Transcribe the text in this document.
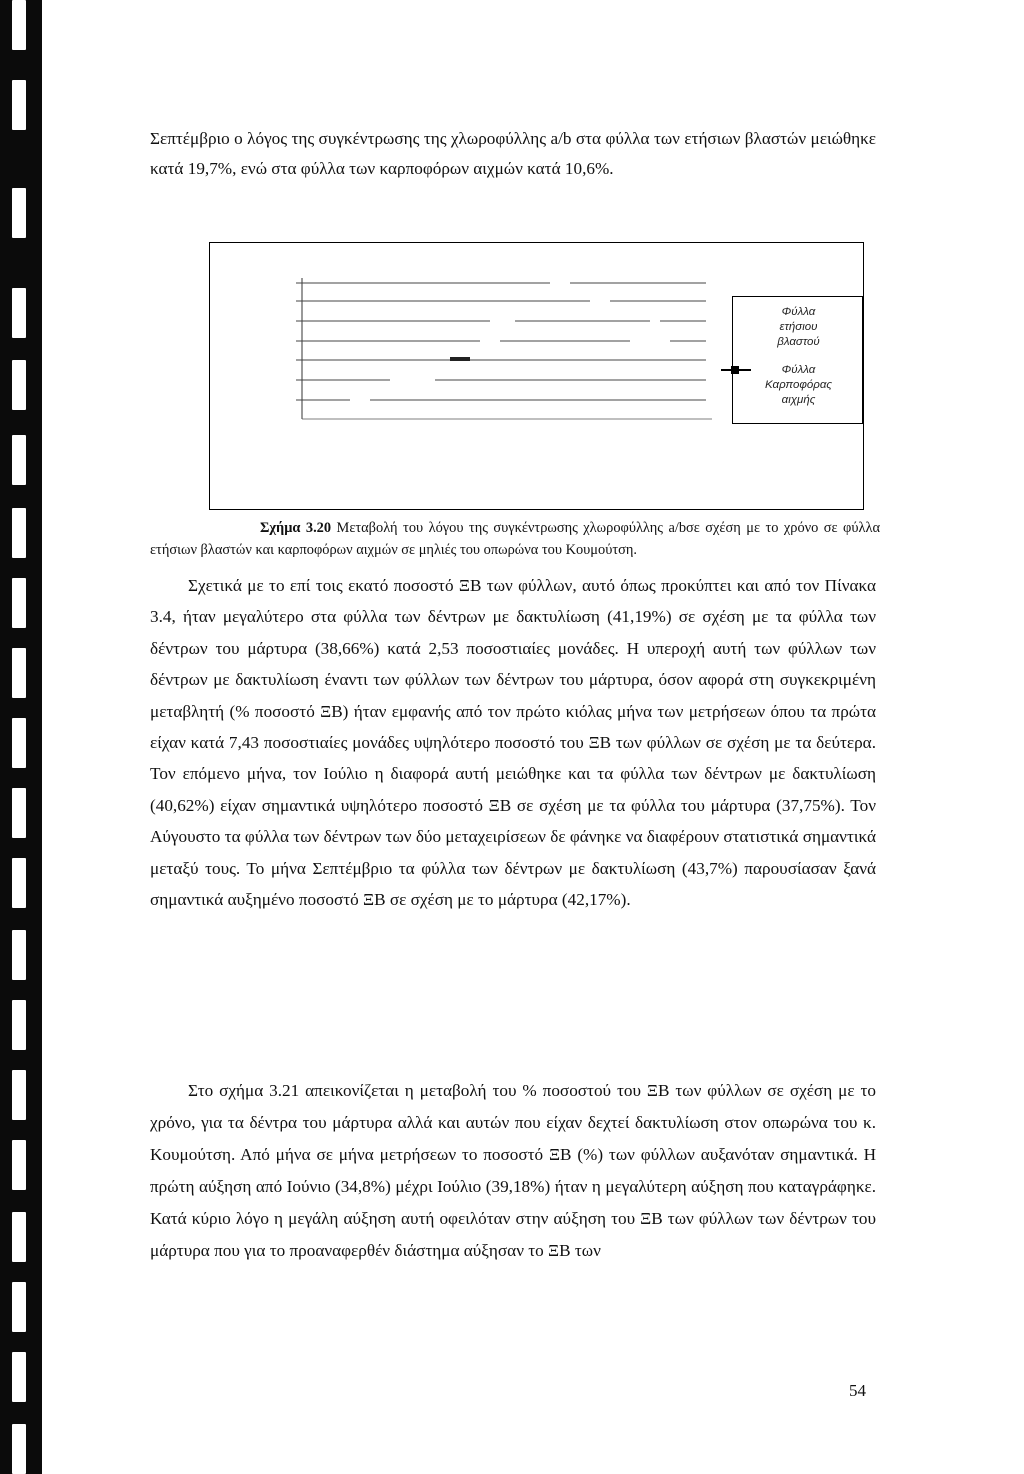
Σεπτέμβριο ο λόγος της συγκέντρωσης της χλωροφύλλης a/b στα φύλλα των ετήσιων βλαστών μειώθηκε κατά 19,7%, ενώ στα φύλλα των καρποφόρων αιχμών κατά 10,6%.

Φύλλα
ετήσιου
βλαστού
Φύλλα
Καρποφόρας
αιχμής

Σχήμα 3.20 Μεταβολή του λόγου της συγκέντρωσης χλωροφύλλης a/bσε σχέση με το χρόνο σε φύλλα ετήσιων βλαστών και καρποφόρων αιχμών σε μηλιές του οπωρώνα του Κουμούτση.

Σχετικά με το επί τοις εκατό ποσοστό ΞΒ των φύλλων, αυτό όπως προκύπτει και από τον Πίνακα 3.4, ήταν μεγαλύτερο στα φύλλα των δέντρων με δακτυλίωση (41,19%) σε σχέση με τα φύλλα των δέντρων του μάρτυρα (38,66%) κατά 2,53 ποσοστιαίες μονάδες. Η υπεροχή αυτή των φύλλων των δέντρων με δακτυλίωση έναντι των φύλλων των δέντρων του μάρτυρα, όσον αφορά στη συγκεκριμένη μεταβλητή (% ποσοστό ΞΒ) ήταν εμφανής από τον πρώτο κιόλας μήνα των μετρήσεων όπου τα πρώτα είχαν κατά 7,43 ποσοστιαίες μονάδες υψηλότερο ποσοστό του ΞΒ των φύλλων σε σχέση με τα δεύτερα. Τον επόμενο μήνα, τον Ιούλιο η διαφορά αυτή μειώθηκε και τα φύλλα των δέντρων με δακτυλίωση (40,62%) είχαν σημαντικά υψηλότερο ποσοστό ΞΒ σε σχέση με τα φύλλα του μάρτυρα (37,75%). Τον Αύγουστο τα φύλλα των δέντρων των δύο μεταχειρίσεων δε φάνηκε να διαφέρουν στατιστικά σημαντικά μεταξύ τους. Το μήνα Σεπτέμβριο τα φύλλα των δέντρων με δακτυλίωση (43,7%) παρουσίασαν ξανά σημαντικά αυξημένο ποσοστό ΞΒ σε σχέση με το μάρτυρα (42,17%).

Στο σχήμα 3.21 απεικονίζεται η μεταβολή του % ποσοστού του ΞΒ των φύλλων σε σχέση με το χρόνο, για τα δέντρα του μάρτυρα αλλά και αυτών που είχαν δεχτεί δακτυλίωση στον οπωρώνα του κ. Κουμούτση. Από μήνα σε μήνα μετρήσεων το ποσοστό ΞΒ (%) των φύλλων αυξανόταν σημαντικά. Η πρώτη αύξηση από Ιούνιο (34,8%) μέχρι Ιούλιο (39,18%) ήταν η μεγαλύτερη αύξηση που καταγράφηκε. Κατά κύριο λόγο η μεγάλη αύξηση αυτή οφειλόταν στην αύξηση του ΞΒ των φύλλων των δέντρων του μάρτυρα που για το προαναφερθέν διάστημα αύξησαν το ΞΒ των

54
